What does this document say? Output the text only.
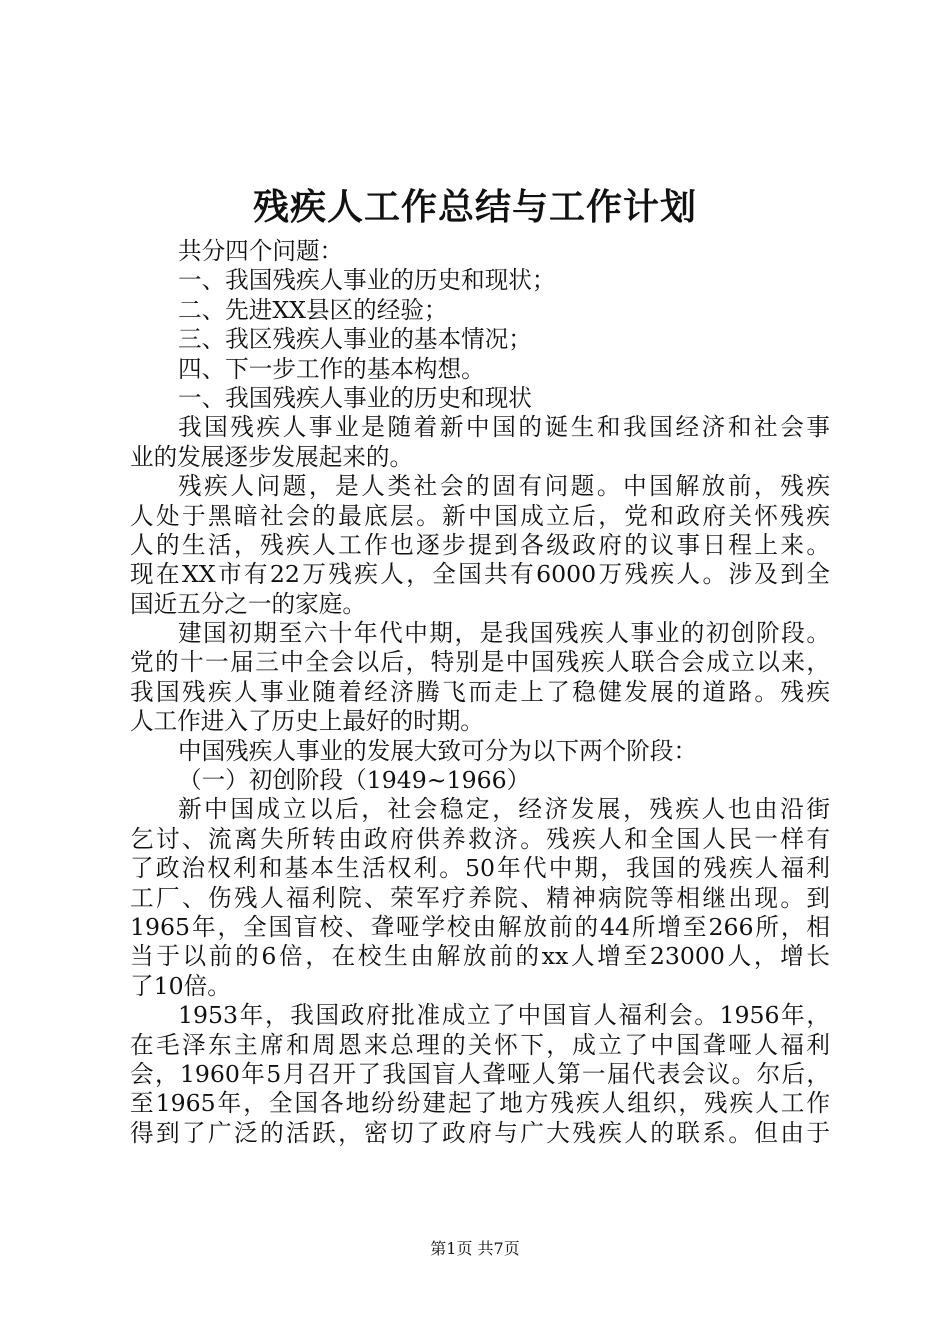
残疾人工作总结与工作计划
共分四个问题：
一、我国残疾人事业的历史和现状；
二、先进XX县区的经验；
三、我区残疾人事业的基本情况；
四、下一步工作的基本构想。
一、我国残疾人事业的历史和现状
我国残疾人事业是随着新中国的诞生和我国经济和社会事
业的发展逐步发展起来的。
残疾人问题，是人类社会的固有问题。中国解放前，残疾
人处于黑暗社会的最底层。新中国成立后，党和政府关怀残疾
人的生活，残疾人工作也逐步提到各级政府的议事日程上来。
现在XX市有22万残疾人，全国共有6000万残疾人。涉及到全
国近五分之一的家庭。
建国初期至六十年代中期，是我国残疾人事业的初创阶段。
党的十一届三中全会以后，特别是中国残疾人联合会成立以来，
我国残疾人事业随着经济腾飞而走上了稳健发展的道路。残疾
人工作进入了历史上最好的时期。
中国残疾人事业的发展大致可分为以下两个阶段：
（一）初创阶段（1949~1966）
新中国成立以后，社会稳定，经济发展，残疾人也由沿街
乞讨、流离失所转由政府供养救济。残疾人和全国人民一样有
了政治权利和基本生活权利。50年代中期，我国的残疾人福利
工厂、伤残人福利院、荣军疗养院、精神病院等相继出现。到
1965年，全国盲校、聋哑学校由解放前的44所增至266所，相
当于以前的6倍，在校生由解放前的xx人增至23000人，增长
了10倍。
1953年，我国政府批准成立了中国盲人福利会。1956年，
在毛泽东主席和周恩来总理的关怀下，成立了中国聋哑人福利
会，1960年5月召开了我国盲人聋哑人第一届代表会议。尔后，
至1965年，全国各地纷纷建起了地方残疾人组织，残疾人工作
得到了广泛的活跃，密切了政府与广大残疾人的联系。但由于
第1页 共7页
